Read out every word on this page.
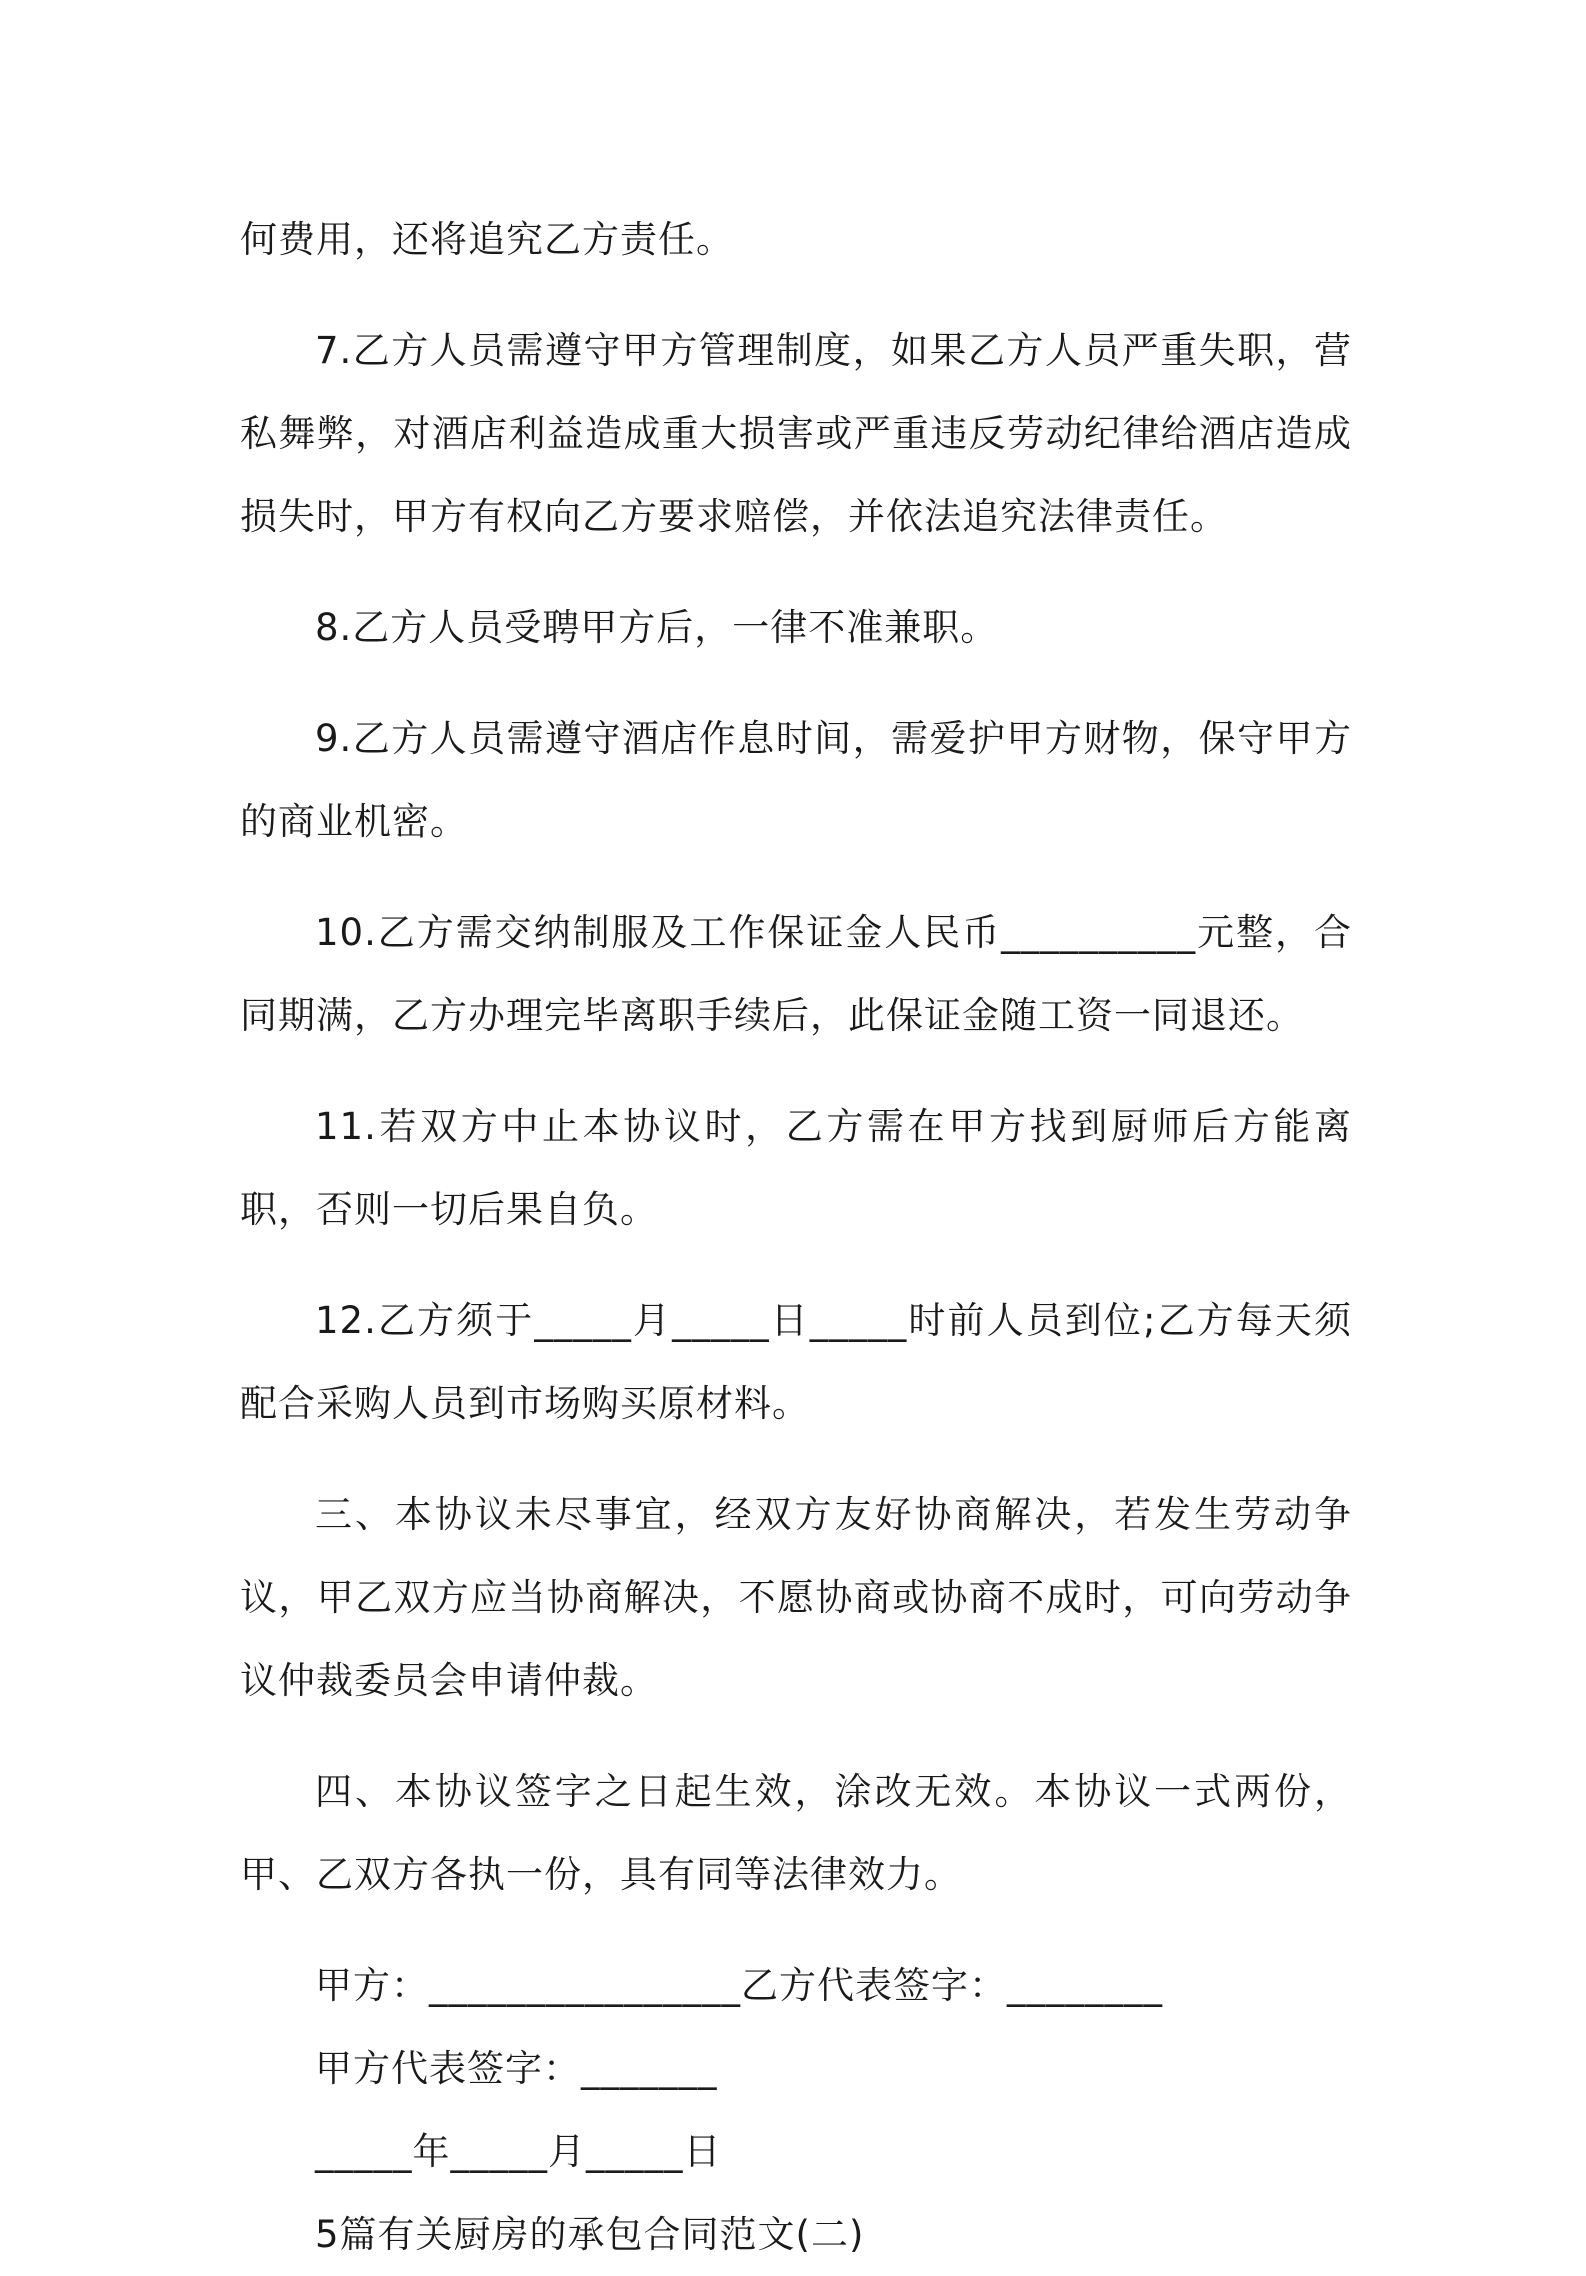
何费用，还将追究乙方责任。

7.乙方人员需遵守甲方管理制度，如果乙方人员严重失职，营私舞弊，对酒店利益造成重大损害或严重违反劳动纪律给酒店造成损失时，甲方有权向乙方要求赔偿，并依法追究法律责任。

8.乙方人员受聘甲方后，一律不准兼职。

9.乙方人员需遵守酒店作息时间，需爱护甲方财物，保守甲方的商业机密。

10.乙方需交纳制服及工作保证金人民币__________元整，合同期满，乙方办理完毕离职手续后，此保证金随工资一同退还。

11.若双方中止本协议时，乙方需在甲方找到厨师后方能离职，否则一切后果自负。

12.乙方须于_____月_____日_____时前人员到位;乙方每天须配合采购人员到市场购买原材料。

三、本协议未尽事宜，经双方友好协商解决，若发生劳动争议，甲乙双方应当协商解决，不愿协商或协商不成时，可向劳动争议仲裁委员会申请仲裁。

四、本协议签字之日起生效，涂改无效。本协议一式两份，甲、乙双方各执一份，具有同等法律效力。

甲方：________________乙方代表签字：________
甲方代表签字：_______
_____年_____月_____日
5篇有关厨房的承包合同范文(二)
